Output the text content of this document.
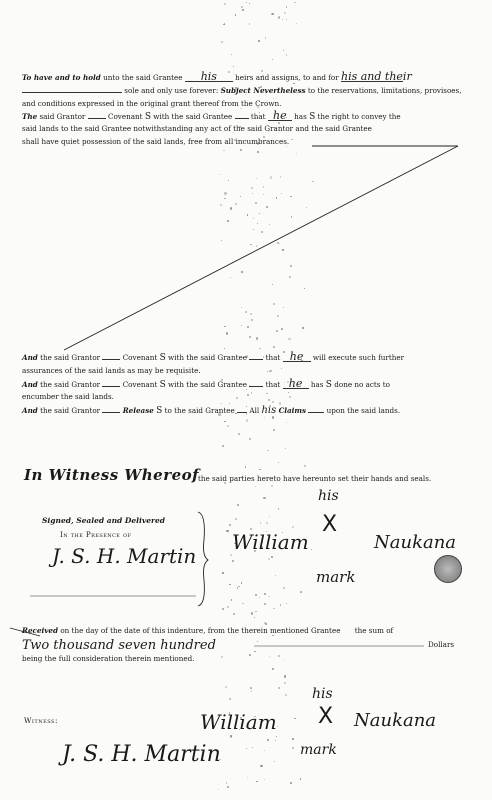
To have and to hold unto the said Grantee his	heirs and assigns, to and for his and their
sole and only use forever: Subject Nevertheless to the reservations, limitations, provisoes,
and conditions expressed in the original grant thereof from the Crown.
The said Grantor	Covenant S with the said Grantee	that he has S the right to convey the
said lands to the said Grantee notwithstanding any act of the said Grantor and the said Grantee
shall have quiet possession of the said lands, free from all incumbrances.
And the said Grantor	Covenant S with the said Grantee	that he will execute such further
assurances of the said lands as may be requisite.
And the said Grantor	Covenant S with the said Grantee	that he has S done no acts to
encumber the said lands.
And the said Grantor	Release S to the said Grantee All his Claims	upon the said lands.
In Witness Whereof
the said parties hereto have hereunto set their hands and seals.
Signed, Sealed and Delivered
In the Presence of
J. S. H. Martin
his
William
X
Naukana
mark
Received on the day of the date of this indenture, from the therein mentioned Grantee the sum of
Two thousand seven hundred	Dollars
being the full consideration therein mentioned.
Witness:
his
William X Naukana
mark
J. S. H. Martin
